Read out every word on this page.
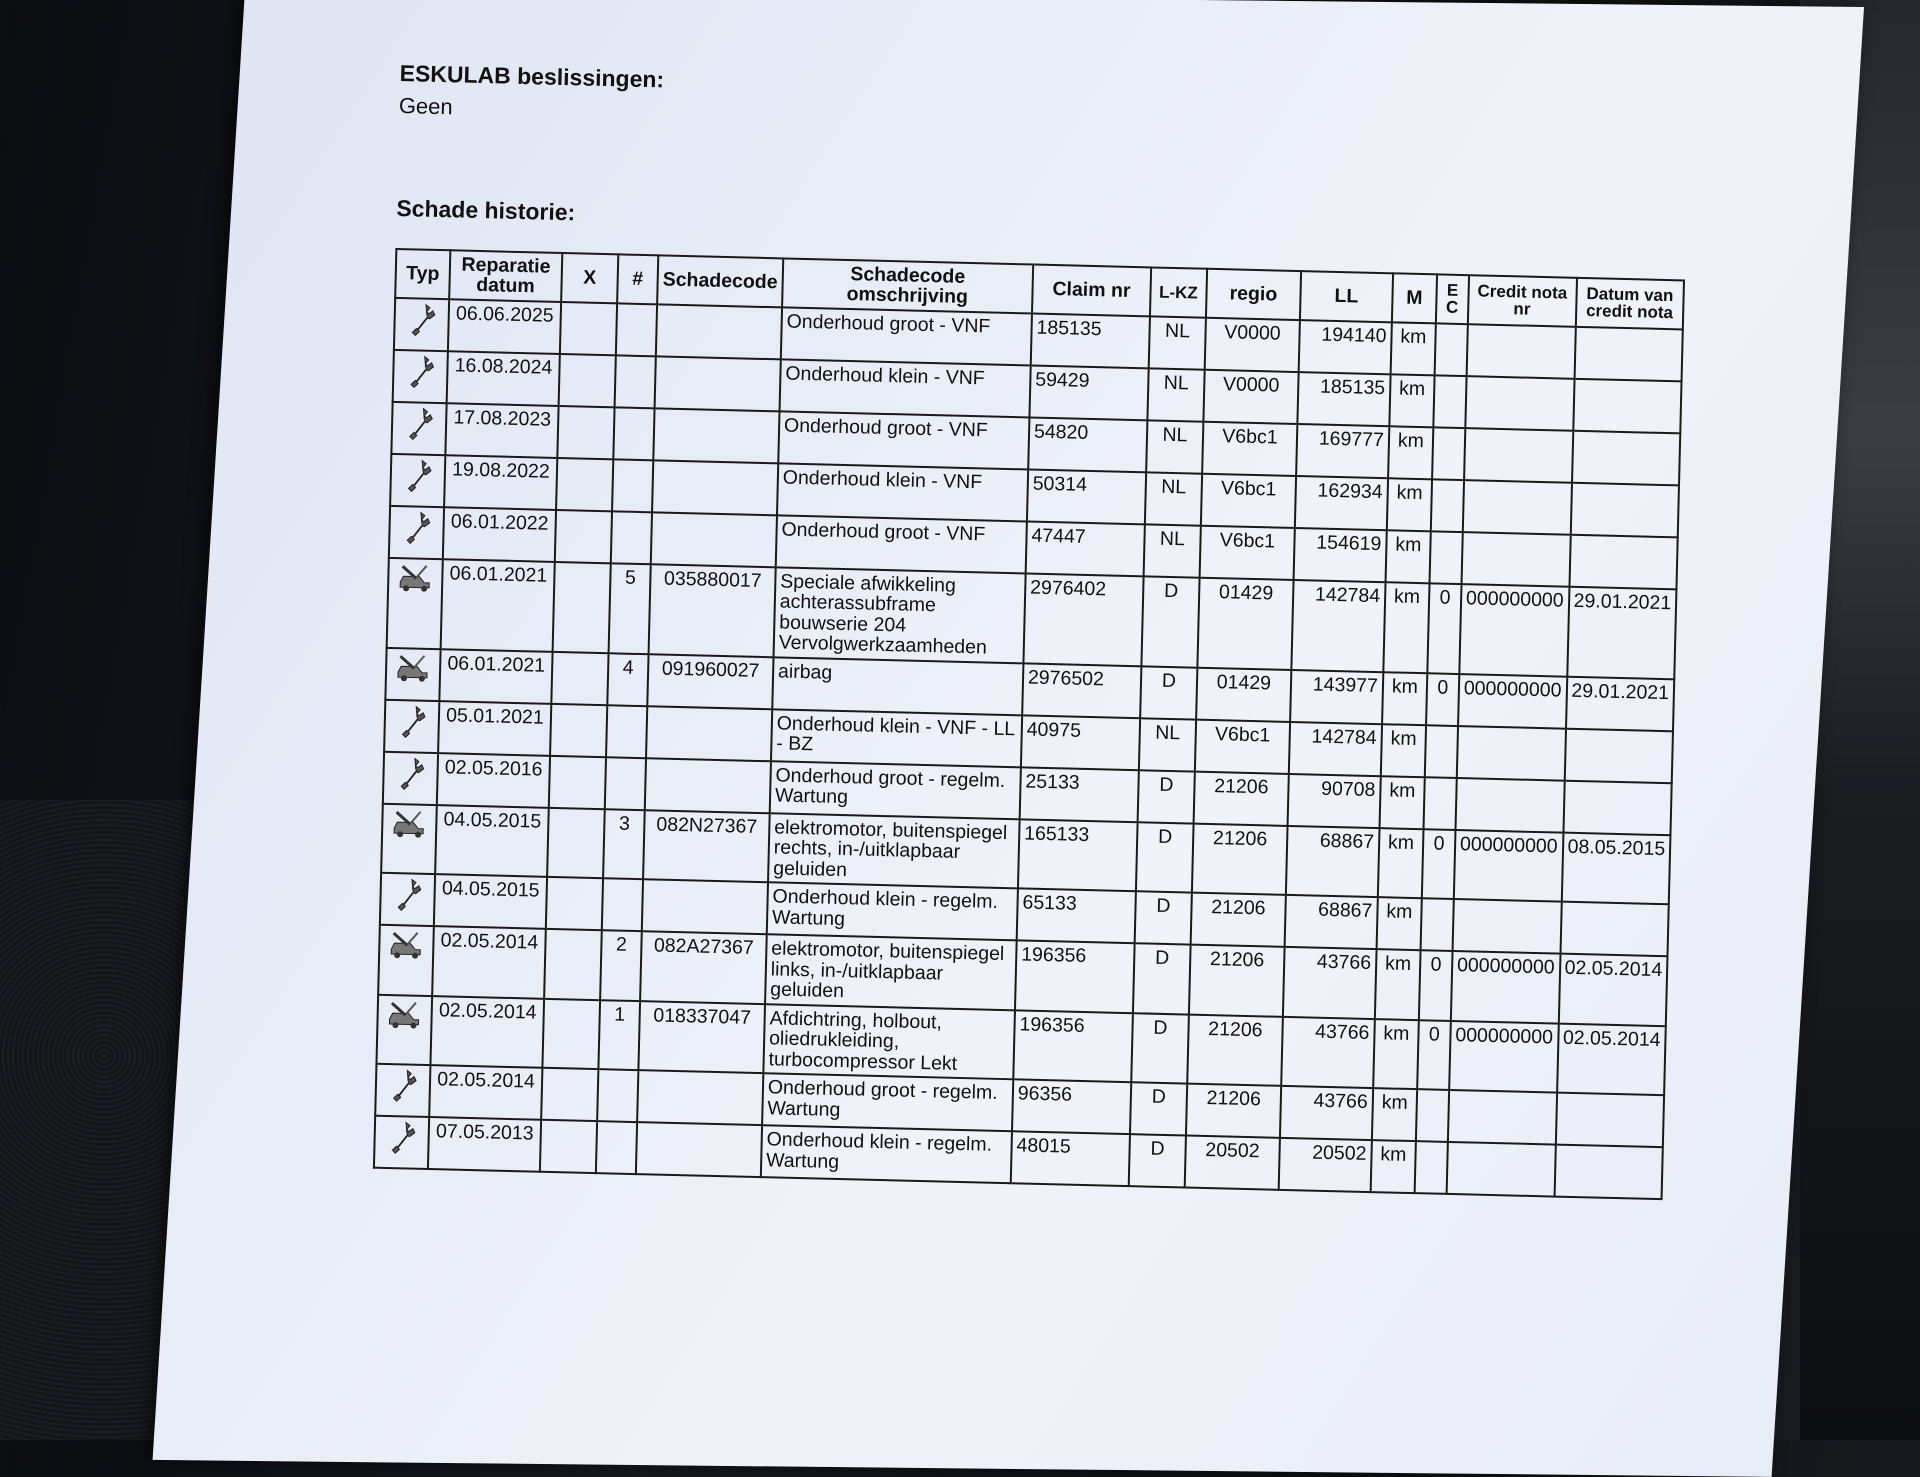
ESKULAB beslissingen:

Geen

Schade historie:

Typ	Reparatie datum	X	#	Schadecode	Schadecode omschrijving	Claim nr	L-KZ	regio	LL	M	E C	Credit nota nr	Datum van credit nota

	06.06.2025				Onderhoud groot - VNF	185135	NL	V0000	194140	km			

	16.08.2024				Onderhoud klein - VNF	59429	NL	V0000	185135	km			

	17.08.2023				Onderhoud groot - VNF	54820	NL	V6bc1	169777	km			

	19.08.2022				Onderhoud klein - VNF	50314	NL	V6bc1	162934	km			

	06.01.2022				Onderhoud groot - VNF	47447	NL	V6bc1	154619	km			

	06.01.2021		5	035880017	Speciale afwikkeling achterassubframe bouwserie 204 Vervolgwerkzaamheden	2976402	D	01429	142784	km	0	000000000	29.01.2021

	06.01.2021		4	091960027	airbag	2976502	D	01429	143977	km	0	000000000	29.01.2021

	05.01.2021				Onderhoud klein - VNF - LL - BZ	40975	NL	V6bc1	142784	km			

	02.05.2016				Onderhoud groot - regelm. Wartung	25133	D	21206	90708	km			

	04.05.2015		3	082N27367	elektromotor, buitenspiegel rechts, in-/uitklapbaar geluiden	165133	D	21206	68867	km	0	000000000	08.05.2015

	04.05.2015				Onderhoud klein - regelm. Wartung	65133	D	21206	68867	km			

	02.05.2014		2	082A27367	elektromotor, buitenspiegel links, in-/uitklapbaar geluiden	196356	D	21206	43766	km	0	000000000	02.05.2014

	02.05.2014		1	018337047	Afdichtring, holbout, oliedrukleiding, turbocompressor Lekt	196356	D	21206	43766	km	0	000000000	02.05.2014

	02.05.2014				Onderhoud groot - regelm. Wartung	96356	D	21206	43766	km			

	07.05.2013				Onderhoud klein - regelm. Wartung	48015	D	20502	20502	km			
